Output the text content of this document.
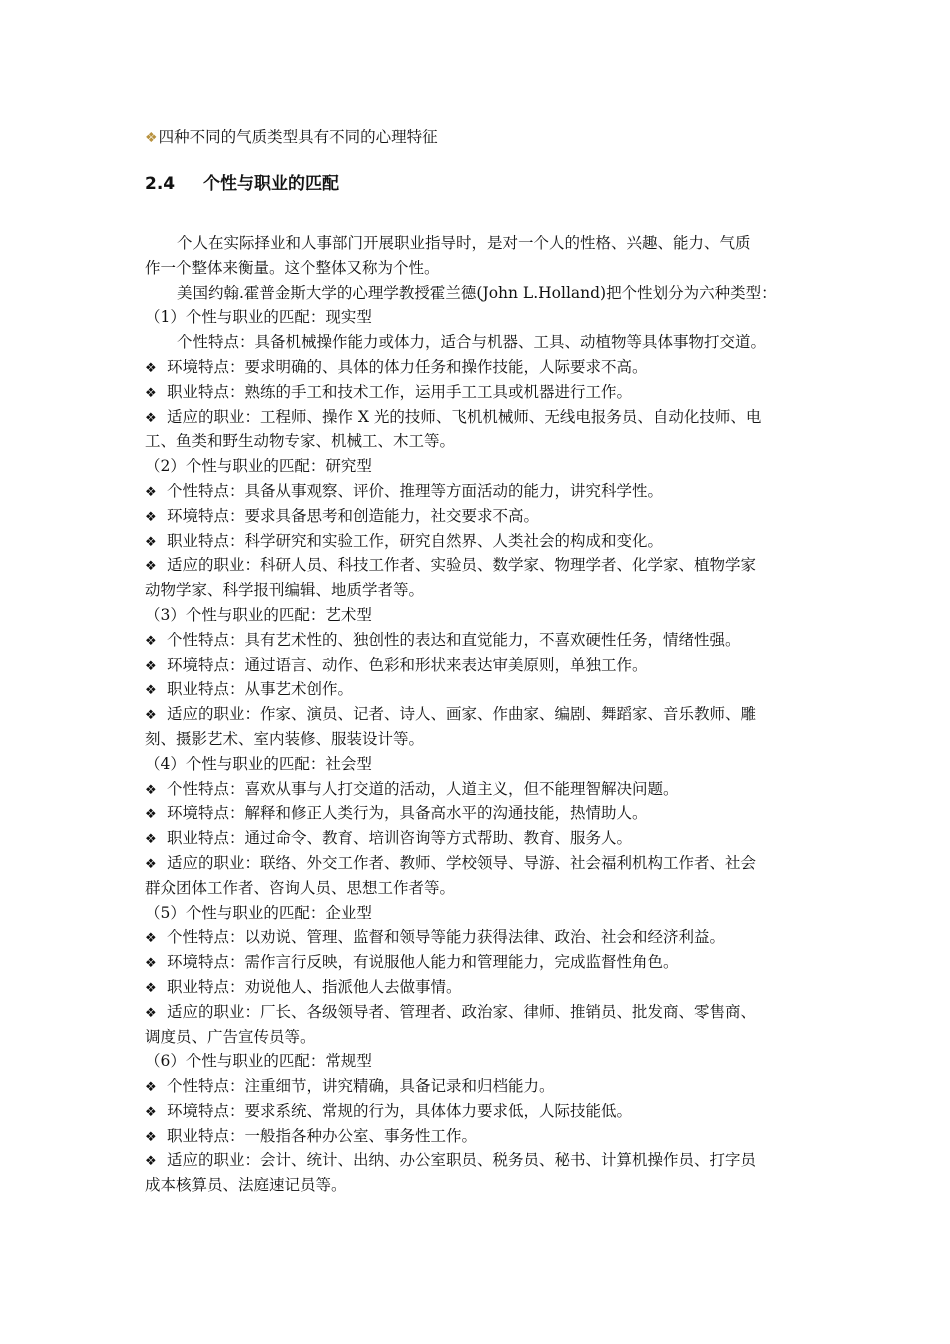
❖四种不同的气质类型具有不同的心理特征
2.4 个性与职业的匹配
个人在实际择业和人事部门开展职业指导时，是对一个人的性格、兴趣、能力、气质
作一个整体来衡量。这个整体又称为个性。
美国约翰.霍普金斯大学的心理学教授霍兰德(John L.Holland)把个性划分为六种类型：
（1）个性与职业的匹配：现实型
个性特点：具备机械操作能力或体力，适合与机器、工具、动植物等具体事物打交道。
❖ 环境特点：要求明确的、具体的体力任务和操作技能，人际要求不高。
❖ 职业特点：熟练的手工和技术工作，运用手工工具或机器进行工作。
❖ 适应的职业：工程师、操作 X 光的技师、飞机机械师、无线电报务员、自动化技师、电
工、鱼类和野生动物专家、机械工、木工等。
（2）个性与职业的匹配：研究型
❖ 个性特点：具备从事观察、评价、推理等方面活动的能力，讲究科学性。
❖ 环境特点：要求具备思考和创造能力，社交要求不高。
❖ 职业特点：科学研究和实验工作，研究自然界、人类社会的构成和变化。
❖ 适应的职业：科研人员、科技工作者、实验员、数学家、物理学者、化学家、植物学家
动物学家、科学报刊编辑、地质学者等。
（3）个性与职业的匹配：艺术型
❖ 个性特点：具有艺术性的、独创性的表达和直觉能力，不喜欢硬性任务，情绪性强。
❖ 环境特点：通过语言、动作、色彩和形状来表达审美原则，单独工作。
❖ 职业特点：从事艺术创作。
❖ 适应的职业：作家、演员、记者、诗人、画家、作曲家、编剧、舞蹈家、音乐教师、雕
刻、摄影艺术、室内装修、服装设计等。
（4）个性与职业的匹配：社会型
❖ 个性特点：喜欢从事与人打交道的活动，人道主义，但不能理智解决问题。
❖ 环境特点：解释和修正人类行为，具备高水平的沟通技能，热情助人。
❖ 职业特点：通过命令、教育、培训咨询等方式帮助、教育、服务人。
❖ 适应的职业：联络、外交工作者、教师、学校领导、导游、社会福利机构工作者、社会
群众团体工作者、咨询人员、思想工作者等。
（5）个性与职业的匹配：企业型
❖ 个性特点：以劝说、管理、监督和领导等能力获得法律、政治、社会和经济利益。
❖ 环境特点：需作言行反映，有说服他人能力和管理能力，完成监督性角色。
❖ 职业特点：劝说他人、指派他人去做事情。
❖ 适应的职业：厂长、各级领导者、管理者、政治家、律师、推销员、批发商、零售商、
调度员、广告宣传员等。
（6）个性与职业的匹配：常规型
❖ 个性特点：注重细节，讲究精确，具备记录和归档能力。
❖ 环境特点：要求系统、常规的行为，具体体力要求低，人际技能低。
❖ 职业特点：一般指各种办公室、事务性工作。
❖ 适应的职业：会计、统计、出纳、办公室职员、税务员、秘书、计算机操作员、打字员
成本核算员、法庭速记员等。
